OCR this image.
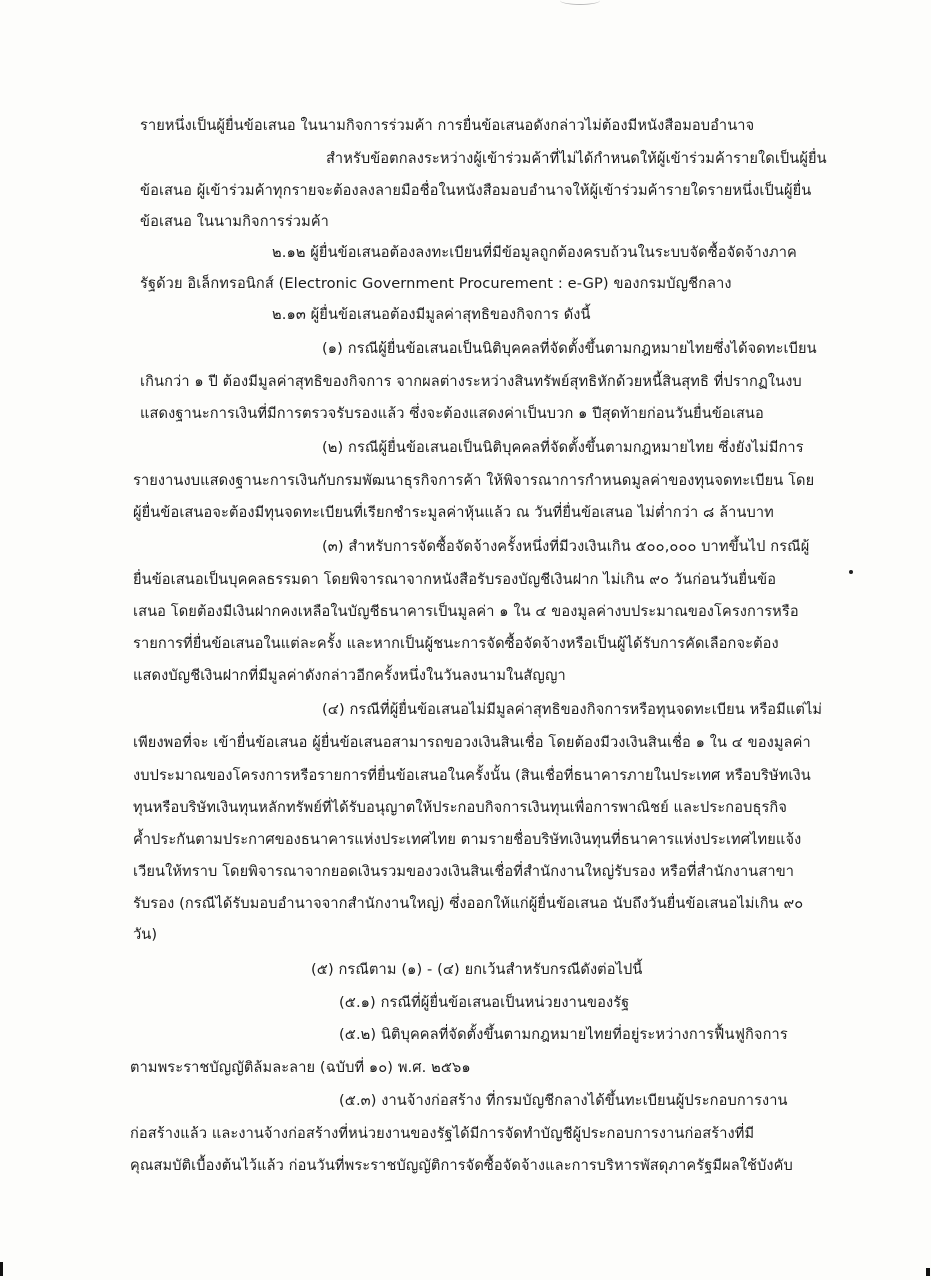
รายหนึ่งเป็นผู้ยื่นข้อเสนอ ในนามกิจการร่วมค้า การยื่นข้อเสนอดังกล่าวไม่ต้องมีหนังสือมอบอำนาจ
สำหรับข้อตกลงระหว่างผู้เข้าร่วมค้าที่ไม่ได้กำหนดให้ผู้เข้าร่วมค้ารายใดเป็นผู้ยื่น
ข้อเสนอ ผู้เข้าร่วมค้าทุกรายจะต้องลงลายมือชื่อในหนังสือมอบอำนาจให้ผู้เข้าร่วมค้ารายใดรายหนึ่งเป็นผู้ยื่น
ข้อเสนอ ในนามกิจการร่วมค้า
๒.๑๒ ผู้ยื่นข้อเสนอต้องลงทะเบียนที่มีข้อมูลถูกต้องครบถ้วนในระบบจัดซื้อจัดจ้างภาค
รัฐด้วย อิเล็กทรอนิกส์ (Electronic Government Procurement : e-GP) ของกรมบัญชีกลาง
๒.๑๓ ผู้ยื่นข้อเสนอต้องมีมูลค่าสุทธิของกิจการ ดังนี้
(๑) กรณีผู้ยื่นข้อเสนอเป็นนิติบุคคลที่จัดตั้งขึ้นตามกฎหมายไทยซึ่งได้จดทะเบียน
เกินกว่า ๑ ปี ต้องมีมูลค่าสุทธิของกิจการ จากผลต่างระหว่างสินทรัพย์สุทธิหักด้วยหนี้สินสุทธิ ที่ปรากฏในงบ
แสดงฐานะการเงินที่มีการตรวจรับรองแล้ว ซึ่งจะต้องแสดงค่าเป็นบวก ๑ ปีสุดท้ายก่อนวันยื่นข้อเสนอ
(๒) กรณีผู้ยื่นข้อเสนอเป็นนิติบุคคลที่จัดตั้งขึ้นตามกฎหมายไทย ซึ่งยังไม่มีการ
รายงานงบแสดงฐานะการเงินกับกรมพัฒนาธุรกิจการค้า ให้พิจารณาการกำหนดมูลค่าของทุนจดทะเบียน โดย
ผู้ยื่นข้อเสนอจะต้องมีทุนจดทะเบียนที่เรียกชำระมูลค่าหุ้นแล้ว ณ วันที่ยื่นข้อเสนอ ไม่ต่ำกว่า ๘ ล้านบาท
(๓) สำหรับการจัดซื้อจัดจ้างครั้งหนึ่งที่มีวงเงินเกิน ๕๐๐,๐๐๐ บาทขึ้นไป กรณีผู้
ยื่นข้อเสนอเป็นบุคคลธรรมดา โดยพิจารณาจากหนังสือรับรองบัญชีเงินฝาก ไม่เกิน ๙๐ วันก่อนวันยื่นข้อ
เสนอ โดยต้องมีเงินฝากคงเหลือในบัญชีธนาคารเป็นมูลค่า ๑ ใน ๔ ของมูลค่างบประมาณของโครงการหรือ
รายการที่ยื่นข้อเสนอในแต่ละครั้ง และหากเป็นผู้ชนะการจัดซื้อจัดจ้างหรือเป็นผู้ได้รับการคัดเลือกจะต้อง
แสดงบัญชีเงินฝากที่มีมูลค่าดังกล่าวอีกครั้งหนึ่งในวันลงนามในสัญญา
(๔) กรณีที่ผู้ยื่นข้อเสนอไม่มีมูลค่าสุทธิของกิจการหรือทุนจดทะเบียน หรือมีแต่ไม่
เพียงพอที่จะ เข้ายื่นข้อเสนอ ผู้ยื่นข้อเสนอสามารถขอวงเงินสินเชื่อ โดยต้องมีวงเงินสินเชื่อ ๑ ใน ๔ ของมูลค่า
งบประมาณของโครงการหรือรายการที่ยื่นข้อเสนอในครั้งนั้น (สินเชื่อที่ธนาคารภายในประเทศ หรือบริษัทเงิน
ทุนหรือบริษัทเงินทุนหลักทรัพย์ที่ได้รับอนุญาตให้ประกอบกิจการเงินทุนเพื่อการพาณิชย์ และประกอบธุรกิจ
ค้ำประกันตามประกาศของธนาคารแห่งประเทศไทย ตามรายชื่อบริษัทเงินทุนที่ธนาคารแห่งประเทศไทยแจ้ง
เวียนให้ทราบ โดยพิจารณาจากยอดเงินรวมของวงเงินสินเชื่อที่สำนักงานใหญ่รับรอง หรือที่สำนักงานสาขา
รับรอง (กรณีได้รับมอบอำนาจจากสำนักงานใหญ่) ซึ่งออกให้แก่ผู้ยื่นข้อเสนอ นับถึงวันยื่นข้อเสนอไม่เกิน ๙๐
วัน)
(๕) กรณีตาม (๑) - (๔) ยกเว้นสำหรับกรณีดังต่อไปนี้
(๕.๑) กรณีที่ผู้ยื่นข้อเสนอเป็นหน่วยงานของรัฐ
(๕.๒) นิติบุคคลที่จัดตั้งขึ้นตามกฎหมายไทยที่อยู่ระหว่างการฟื้นฟูกิจการ
ตามพระราชบัญญัติล้มละลาย (ฉบับที่ ๑๐) พ.ศ. ๒๕๖๑
(๕.๓) งานจ้างก่อสร้าง ที่กรมบัญชีกลางได้ขึ้นทะเบียนผู้ประกอบการงาน
ก่อสร้างแล้ว และงานจ้างก่อสร้างที่หน่วยงานของรัฐได้มีการจัดทำบัญชีผู้ประกอบการงานก่อสร้างที่มี
คุณสมบัติเบื้องต้นไว้แล้ว ก่อนวันที่พระราชบัญญัติการจัดซื้อจัดจ้างและการบริหารพัสดุภาครัฐมีผลใช้บังคับ
